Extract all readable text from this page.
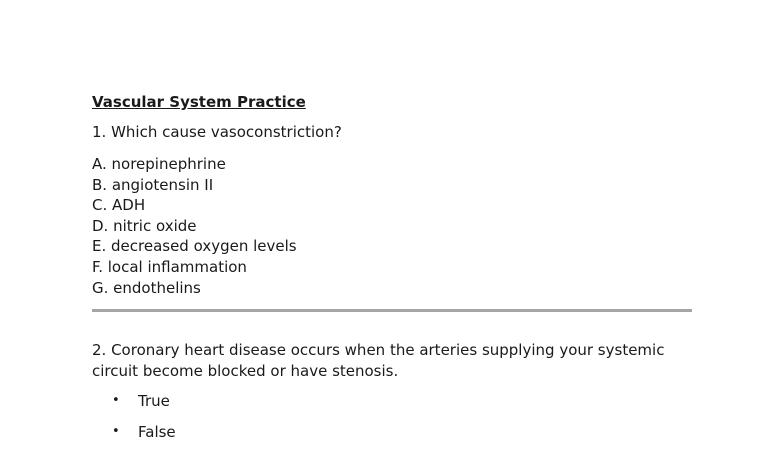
Vascular System Practice
1. Which cause vasoconstriction?
A. norepinephrine
B. angiotensin II
C. ADH
D. nitric oxide
E. decreased oxygen levels
F. local inflammation
G. endothelins
2. Coronary heart disease occurs when the arteries supplying your systemic circuit become blocked or have stenosis.
• True
• False
